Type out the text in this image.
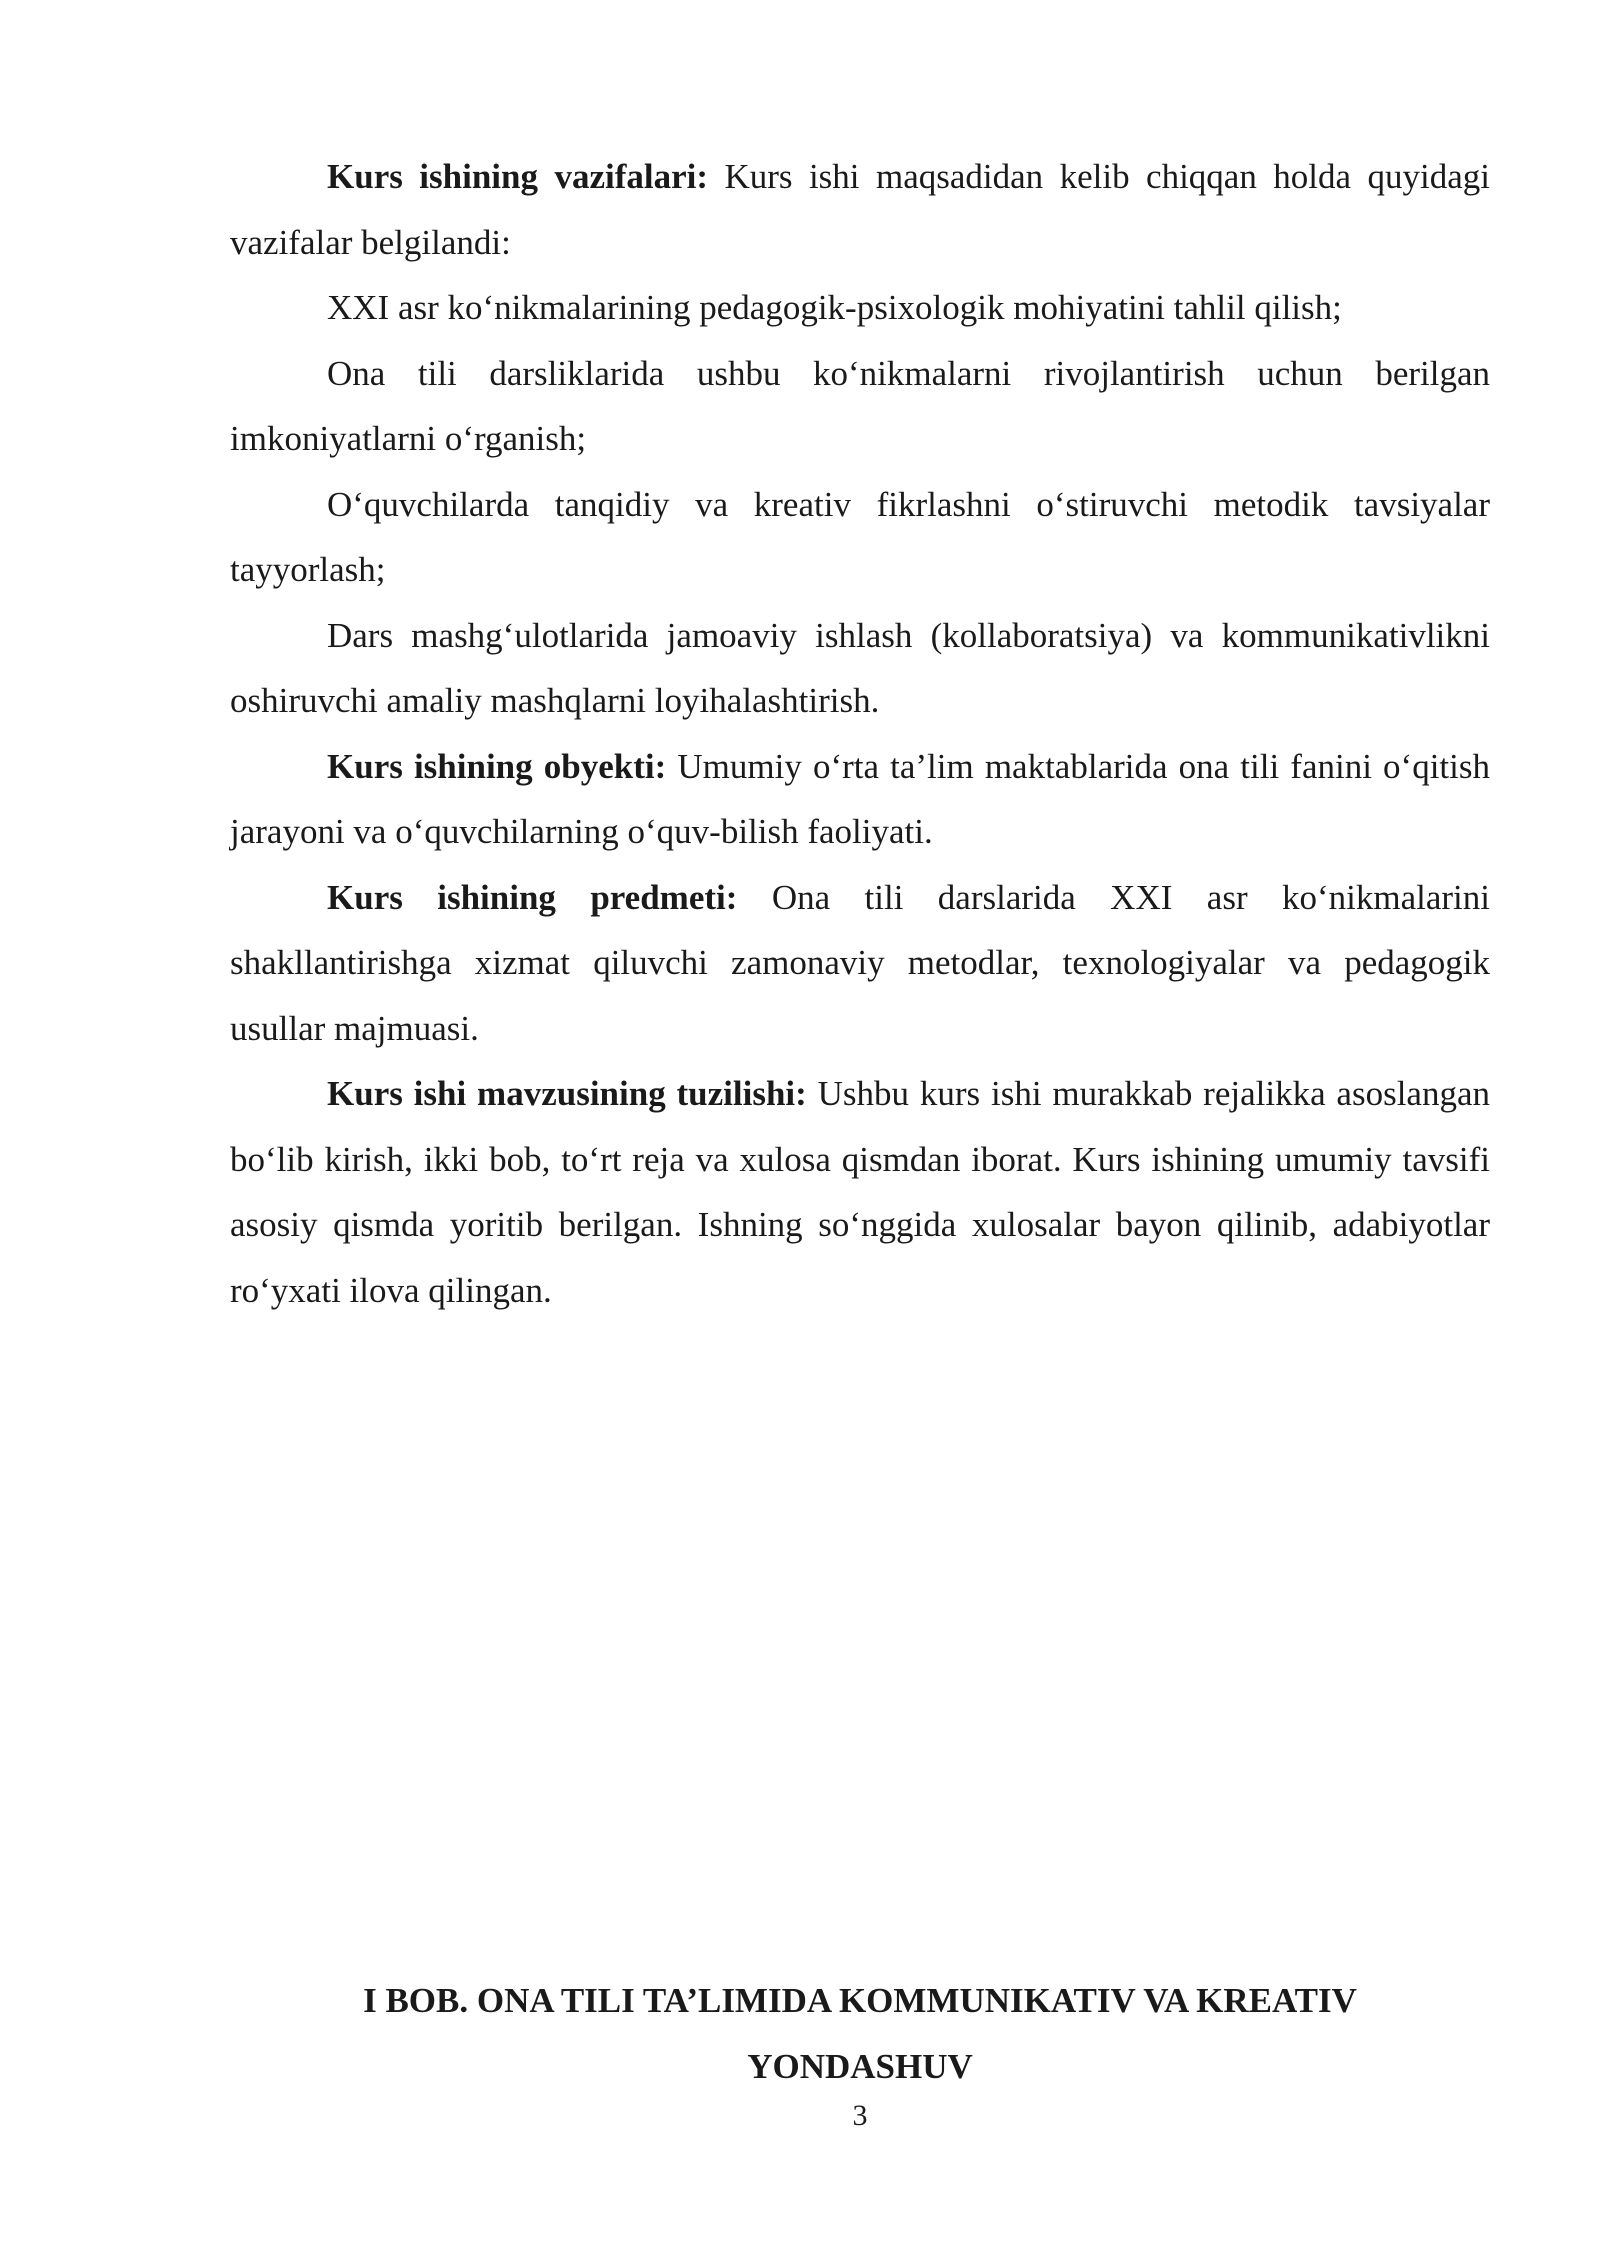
Kurs ishining vazifalari: Kurs ishi maqsadidan kelib chiqqan holda quyidagi vazifalar belgilandi:

XXI asr ko‘nikmalarining pedagogik-psixologik mohiyatini tahlil qilish;

Ona tili darsliklarida ushbu ko‘nikmalarni rivojlantirish uchun berilgan imkoniyatlarni o‘rganish;

O‘quvchilarda tanqidiy va kreativ fikrlashni o‘stiruvchi metodik tavsiyalar tayyorlash;

Dars mashg‘ulotlarida jamoaviy ishlash (kollaboratsiya) va kommunikativlikni oshiruvchi amaliy mashqlarni loyihalashtirish.

Kurs ishining obyekti: Umumiy o‘rta ta’lim maktablarida ona tili fanini o‘qitish jarayoni va o‘quvchilarning o‘quv-bilish faoliyati.

Kurs ishining predmeti: Ona tili darslarida XXI asr ko‘nikmalarini shakllantirishga xizmat qiluvchi zamonaviy metodlar, texnologiyalar va pedagogik usullar majmuasi.

Kurs ishi mavzusining tuzilishi: Ushbu kurs ishi murakkab rejalikka asoslangan bo‘lib kirish, ikki bob, to‘rt reja va xulosa qismdan iborat. Kurs ishining umumiy tavsifi asosiy qismda yoritib berilgan. Ishning so‘nggida xulosalar bayon qilinib, adabiyotlar ro‘yxati ilova qilingan.

I BOB. ONA TILI TA’LIMIDA KOMMUNIKATIV VA KREATIV
YONDASHUV
3
